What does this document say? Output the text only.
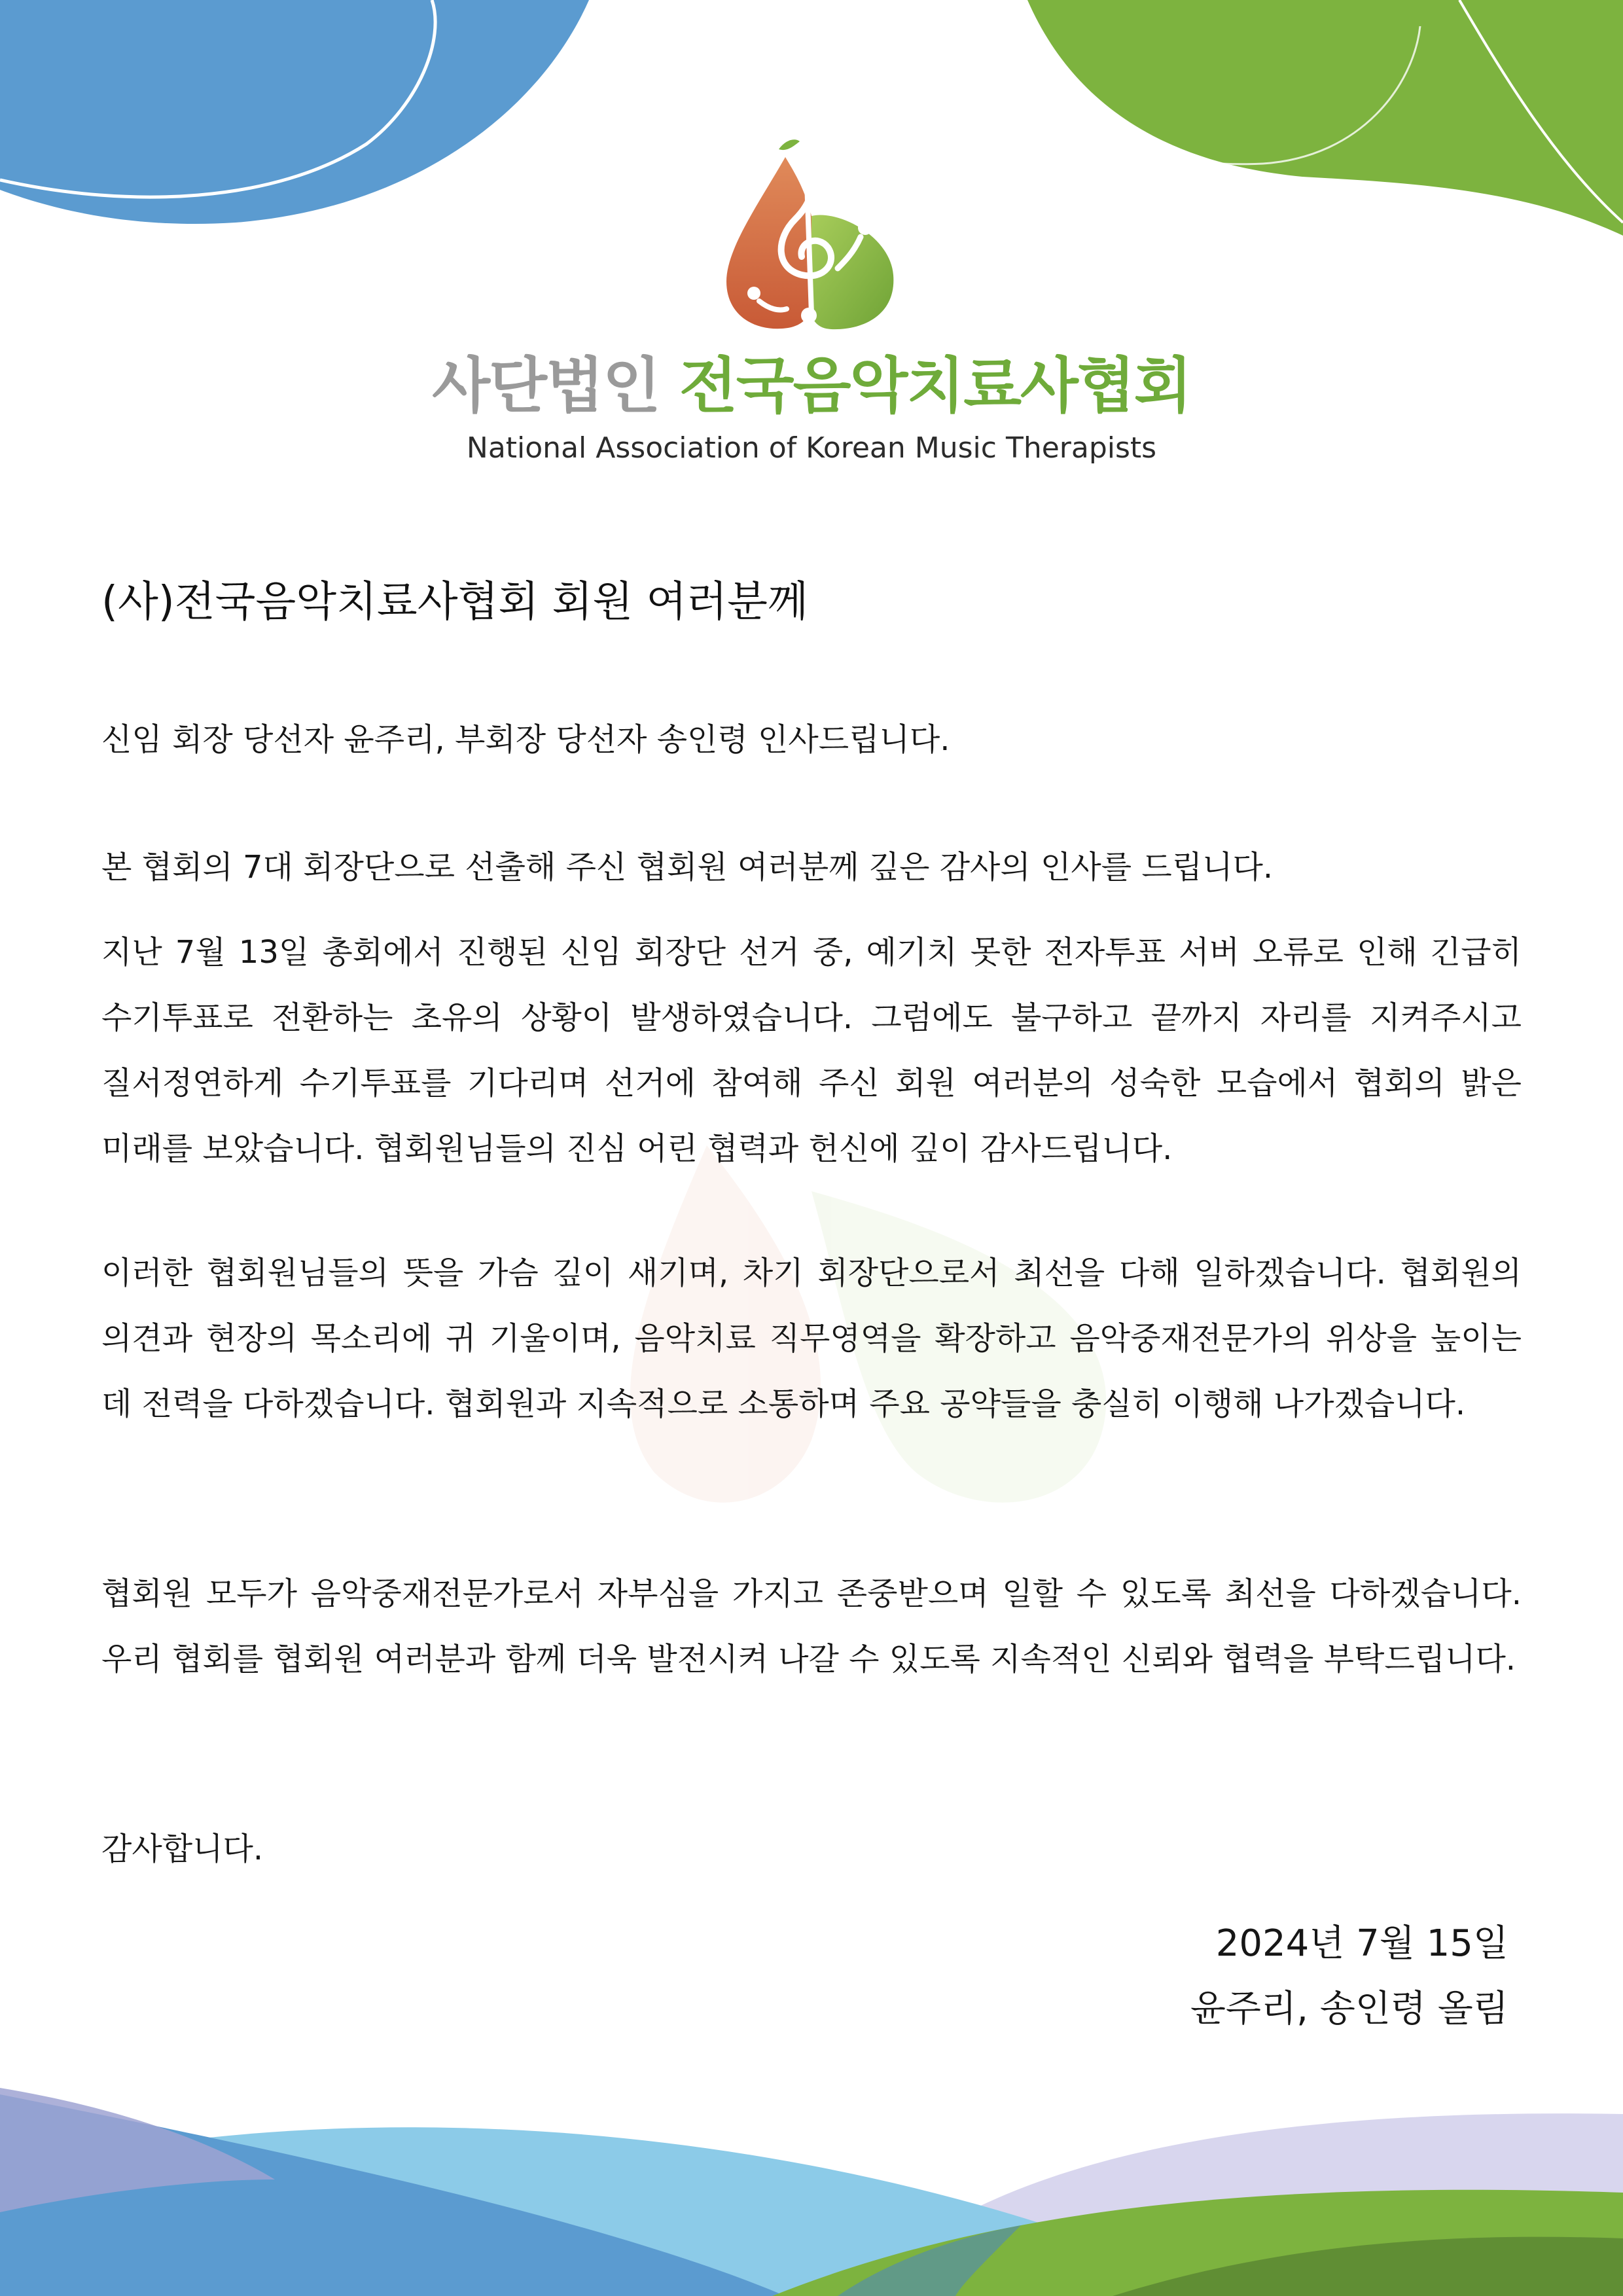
사단법인 전국음악치료사협회
National Association of Korean Music Therapists
(사)전국음악치료사협회 회원 여러분께
신임 회장 당선자 윤주리, 부회장 당선자 송인령 인사드립니다.
본 협회의 7대 회장단으로 선출해 주신 협회원 여러분께 깊은 감사의 인사를 드립니다.
지난 7월 13일 총회에서 진행된 신임 회장단 선거 중, 예기치 못한 전자투표 서버 오류로 인해 긴급히 수기투표로 전환하는 초유의 상황이 발생하였습니다. 그럼에도 불구하고 끝까지 자리를 지켜주시고 질서정연하게 수기투표를 기다리며 선거에 참여해 주신 회원 여러분의 성숙한 모습에서 협회의 밝은 미래를 보았습니다. 협회원님들의 진심 어린 협력과 헌신에 깊이 감사드립니다.
이러한 협회원님들의 뜻을 가슴 깊이 새기며, 차기 회장단으로서 최선을 다해 일하겠습니다. 협회원의 의견과 현장의 목소리에 귀 기울이며, 음악치료 직무영역을 확장하고 음악중재전문가의 위상을 높이는 데 전력을 다하겠습니다. 협회원과 지속적으로 소통하며 주요 공약들을 충실히 이행해 나가겠습니다.
협회원 모두가 음악중재전문가로서 자부심을 가지고 존중받으며 일할 수 있도록 최선을 다하겠습니다. 우리 협회를 협회원 여러분과 함께 더욱 발전시켜 나갈 수 있도록 지속적인 신뢰와 협력을 부탁드립니다.
감사합니다.
2024년 7월 15일
윤주리, 송인령 올림
